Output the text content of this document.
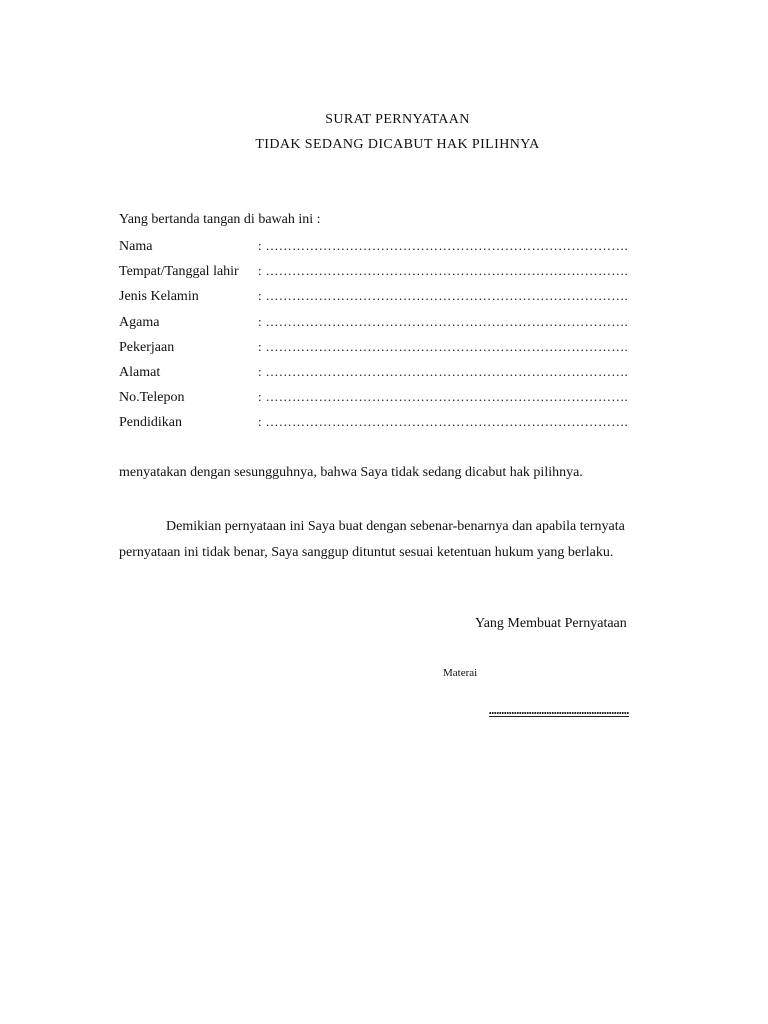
SURAT PERNYATAAN
TIDAK SEDANG DICABUT HAK PILIHNYA
Yang bertanda tangan di bawah ini :
Nama	: ……………………………………………………………………….
Tempat/Tanggal lahir	: ……………………………………………………………………….
Jenis Kelamin	: ……………………………………………………………………….
Agama	: ……………………………………………………………………….
Pekerjaan	: ……………………………………………………………………….
Alamat	: ……………………………………………………………………….
No.Telepon	: ……………………………………………………………………….
Pendidikan	: ……………………………………………………………………….
menyatakan dengan sesungguhnya, bahwa Saya tidak sedang dicabut hak pilihnya.
Demikian pernyataan ini Saya buat dengan sebenar-benarnya dan apabila ternyata pernyataan ini tidak benar, Saya sanggup dituntut sesuai ketentuan hukum yang berlaku.
Yang Membuat Pernyataan
Materai
